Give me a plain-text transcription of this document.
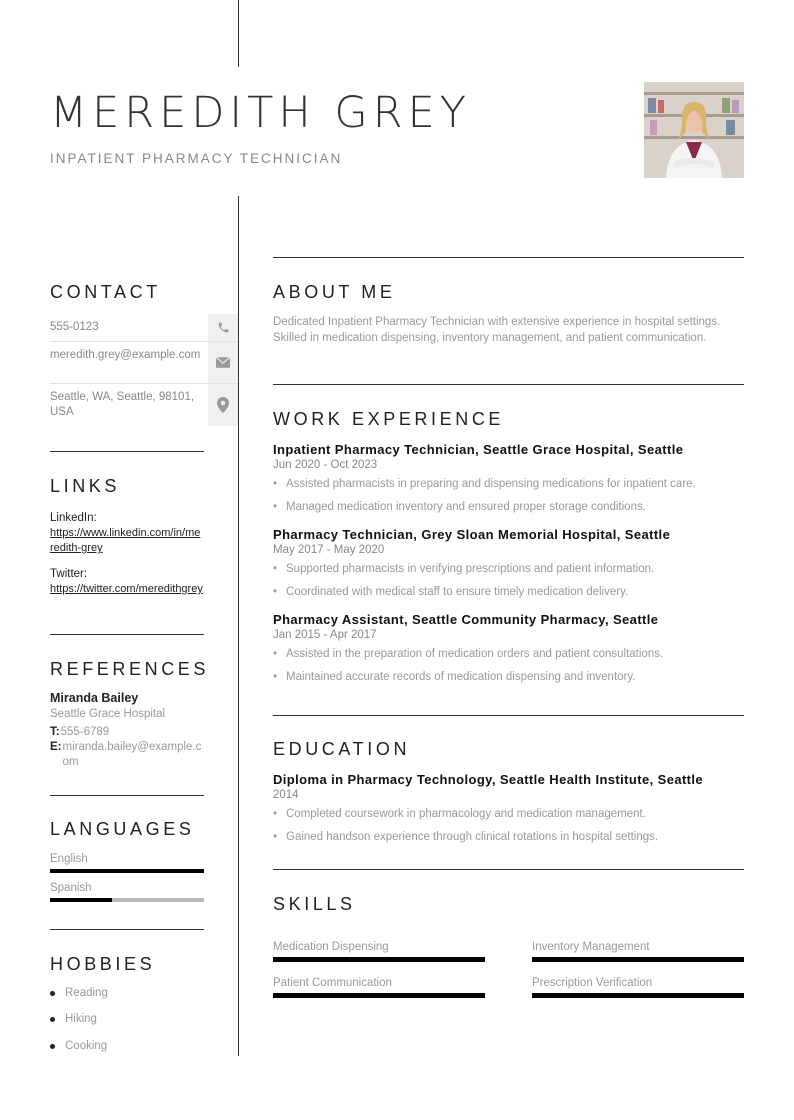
MEREDITH GREY
INPATIENT PHARMACY TECHNICIAN
CONTACT
555-0123
meredith.grey@example.com
Seattle, WA, Seattle, 98101, USA
LINKS
LinkedIn:
https://www.linkedin.com/in/meredith-grey
Twitter:
https://twitter.com/meredithgrey
REFERENCES
Miranda Bailey
Seattle Grace Hospital
T: 555-6789
E: miranda.bailey@example.com
LANGUAGES
English
Spanish
HOBBIES
Reading
Hiking
Cooking
ABOUT ME

Dedicated Inpatient Pharmacy Technician with extensive experience in hospital settings. Skilled in medication dispensing, inventory management, and patient communication.

WORK EXPERIENCE
Inpatient Pharmacy Technician, Seattle Grace Hospital, Seattle
Jun 2020 - Oct 2023
• Assisted pharmacists in preparing and dispensing medications for inpatient care.
• Managed medication inventory and ensured proper storage conditions.
Pharmacy Technician, Grey Sloan Memorial Hospital, Seattle
May 2017 - May 2020
• Supported pharmacists in verifying prescriptions and patient information.
• Coordinated with medical staff to ensure timely medication delivery.
Pharmacy Assistant, Seattle Community Pharmacy, Seattle
Jan 2015 - Apr 2017
• Assisted in the preparation of medication orders and patient consultations.
• Maintained accurate records of medication dispensing and inventory.
EDUCATION
Diploma in Pharmacy Technology, Seattle Health Institute, Seattle
2014
• Completed coursework in pharmacology and medication management.
• Gained handson experience through clinical rotations in hospital settings.
SKILLS
Medication Dispensing	Inventory Management
Patient Communication	Prescription Verification
